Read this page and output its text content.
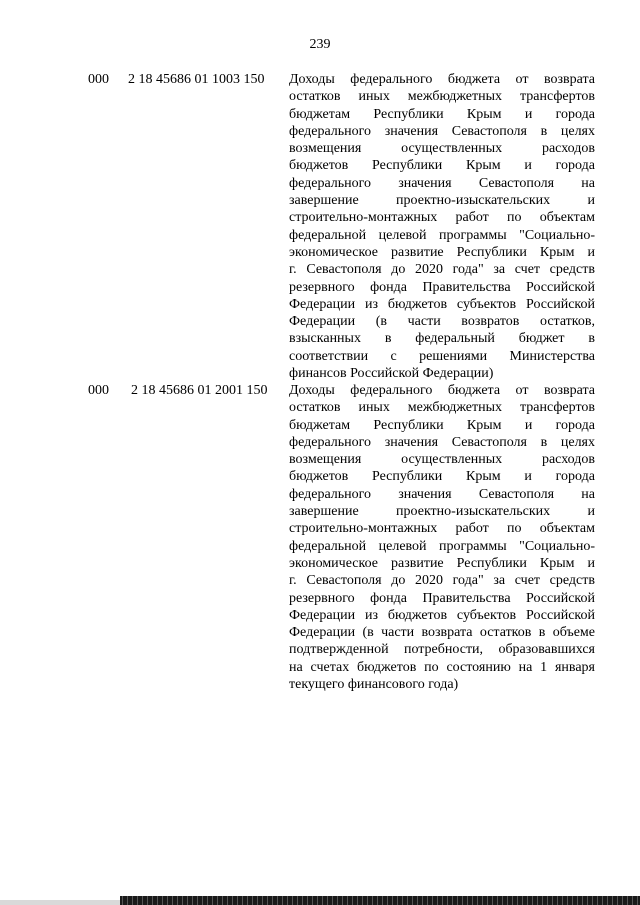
239
000 2 18 45686 01 1003 150 Доходы федерального бюджета от возврата
остатков иных межбюджетных трансфертов
бюджетам Республики Крым и города
федерального значения Севастополя в целях
возмещения осуществленных расходов
бюджетов Республики Крым и города
федерального значения Севастополя на
завершение проектно-изыскательских и
строительно-монтажных работ по объектам
федеральной целевой программы "Социально-
экономическое развитие Республики Крым и
г. Севастополя до 2020 года" за счет средств
резервного фонда Правительства Российской
Федерации из бюджетов субъектов Российской
Федерации (в части возвратов остатков,
взысканных в федеральный бюджет в
соответствии с решениями Министерства
финансов Российской Федерации)
000 2 18 45686 01 2001 150 Доходы федерального бюджета от возврата
остатков иных межбюджетных трансфертов
бюджетам Республики Крым и города
федерального значения Севастополя в целях
возмещения осуществленных расходов
бюджетов Республики Крым и города
федерального значения Севастополя на
завершение проектно-изыскательских и
строительно-монтажных работ по объектам
федеральной целевой программы "Социально-
экономическое развитие Республики Крым и
г. Севастополя до 2020 года" за счет средств
резервного фонда Правительства Российской
Федерации из бюджетов субъектов Российской
Федерации (в части возврата остатков в объеме
подтвержденной потребности, образовавшихся
на счетах бюджетов по состоянию на 1 января
текущего финансового года)
